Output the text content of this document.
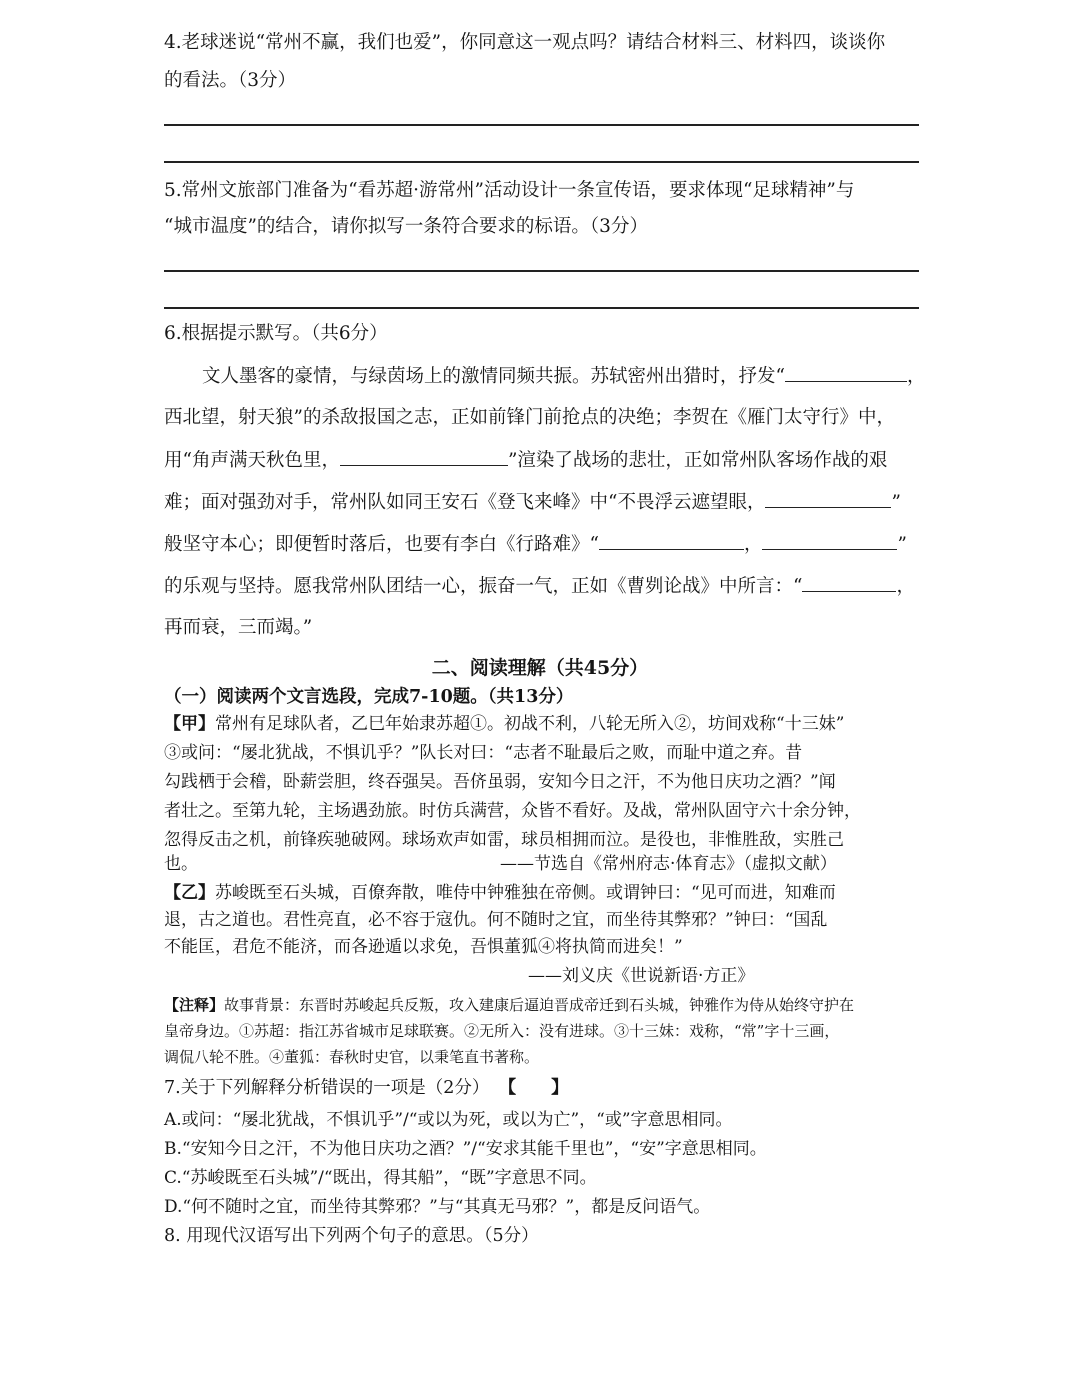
4.老球迷说“常州不赢，我们也爱”，你同意这一观点吗？请结合材料三、材料四，谈谈你
的看法。（3分）
5.常州文旅部门准备为“看苏超·游常州”活动设计一条宣传语，要求体现“足球精神”与
“城市温度”的结合，请你拟写一条符合要求的标语。（3分）
6.根据提示默写。（共6分）
文人墨客的豪情，与绿茵场上的激情同频共振。苏轼密州出猎时，抒发“	，
西北望，射天狼”的杀敌报国之志，正如前锋门前抢点的决绝；李贺在《雁门太守行》中，
用“角声满天秋色里，	”渲染了战场的悲壮，正如常州队客场作战的艰
难；面对强劲对手，常州队如同王安石《登飞来峰》中“不畏浮云遮望眼，	”
般坚守本心；即便暂时落后，也要有李白《行路难》“	，	”
的乐观与坚持。愿我常州队团结一心，振奋一气，正如《曹刿论战》中所言：“	，
再而衰，三而竭。”
二、阅读理解（共45分）
（一）阅读两个文言选段，完成7-10题。（共13分）
【甲】常州有足球队者，乙巳年始隶苏超①。初战不利，八轮无所入②，坊间戏称“十三妹”
③或问：“屡北犹战，不惧讥乎？”队长对曰：“志者不耻最后之败，而耻中道之弃。昔
勾践栖于会稽，卧薪尝胆，终吞强吴。吾侪虽弱，安知今日之汗，不为他日庆功之酒？”闻
者壮之。至第九轮，主场遇劲旅。时仿兵满营，众皆不看好。及战，常州队固守六十余分钟，
忽得反击之机，前锋疾驰破网。球场欢声如雷，球员相拥而泣。是役也，非惟胜敌，实胜己
也。	——节选自《常州府志·体育志》（虚拟文献）
【乙】苏峻既至石头城，百僚奔散，唯侍中钟雅独在帝侧。或谓钟曰：“见可而进，知难而
退，古之道也。君性亮直，必不容于寇仇。何不随时之宜，而坐待其弊邪？”钟曰：“国乱
不能匡，君危不能济，而各逊遁以求免，吾惧董狐④将执简而进矣！”
——刘义庆《世说新语·方正》
【注释】故事背景：东晋时苏峻起兵反叛，攻入建康后逼迫晋成帝迁到石头城，钟雅作为侍从始终守护在
皇帝身边。①苏超：指江苏省城市足球联赛。②无所入：没有进球。③十三妹：戏称，“常”字十三画，
调侃八轮不胜。④董狐：春秋时史官，以秉笔直书著称。
7.关于下列解释分析错误的一项是（2分） 【　　】
A.或问：“屡北犹战，不惧讥乎”/“或以为死，或以为亡”，“或”字意思相同。
B.“安知今日之汗，不为他日庆功之酒？”/“安求其能千里也”，“安”字意思相同。
C.“苏峻既至石头城”/“既出，得其船”，“既”字意思不同。
D.“何不随时之宜，而坐待其弊邪？”与“其真无马邪？”，都是反问语气。
8. 用现代汉语写出下列两个句子的意思。（5分）
